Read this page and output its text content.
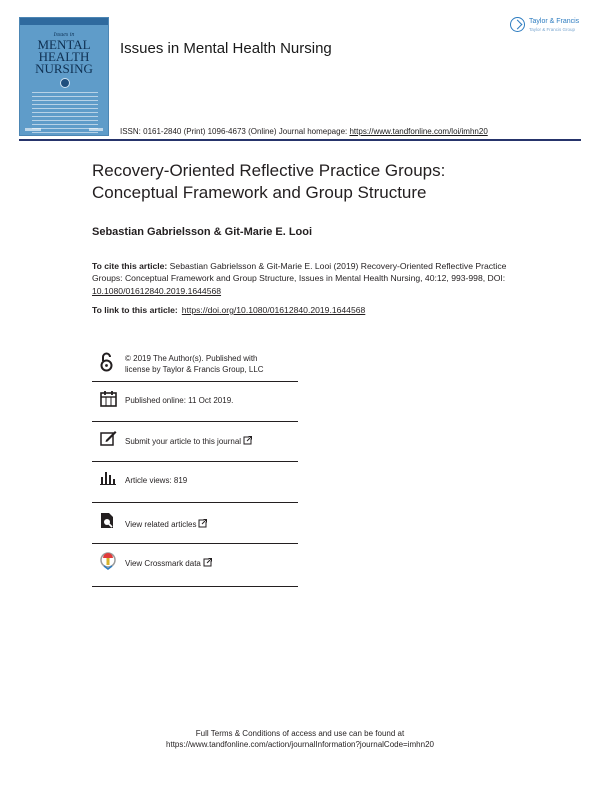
Issues in
MENTAL
HEALTH
NURSING
Issues in Mental Health Nursing
ISSN: 0161-2840 (Print) 1096-4673 (Online) Journal homepage: https://www.tandfonline.com/loi/imhn20
Taylor & Francis
Taylor & Francis Group
Recovery-Oriented Reflective Practice Groups:
Conceptual Framework and Group Structure
Sebastian Gabrielsson & Git-Marie E. Looi
To cite this article: Sebastian Gabrielsson & Git-Marie E. Looi (2019) Recovery-Oriented Reflective Practice Groups: Conceptual Framework and Group Structure, Issues in Mental Health Nursing, 40:12, 993-998, DOI: 10.1080/01612840.2019.1644568
To link to this article: https://doi.org/10.1080/01612840.2019.1644568
© 2019 The Author(s). Published with
license by Taylor & Francis Group, LLC
Published online: 11 Oct 2019.
Submit your article to this journal
Article views: 819
View related articles
View Crossmark data
Full Terms & Conditions of access and use can be found at
https://www.tandfonline.com/action/journalInformation?journalCode=imhn20
